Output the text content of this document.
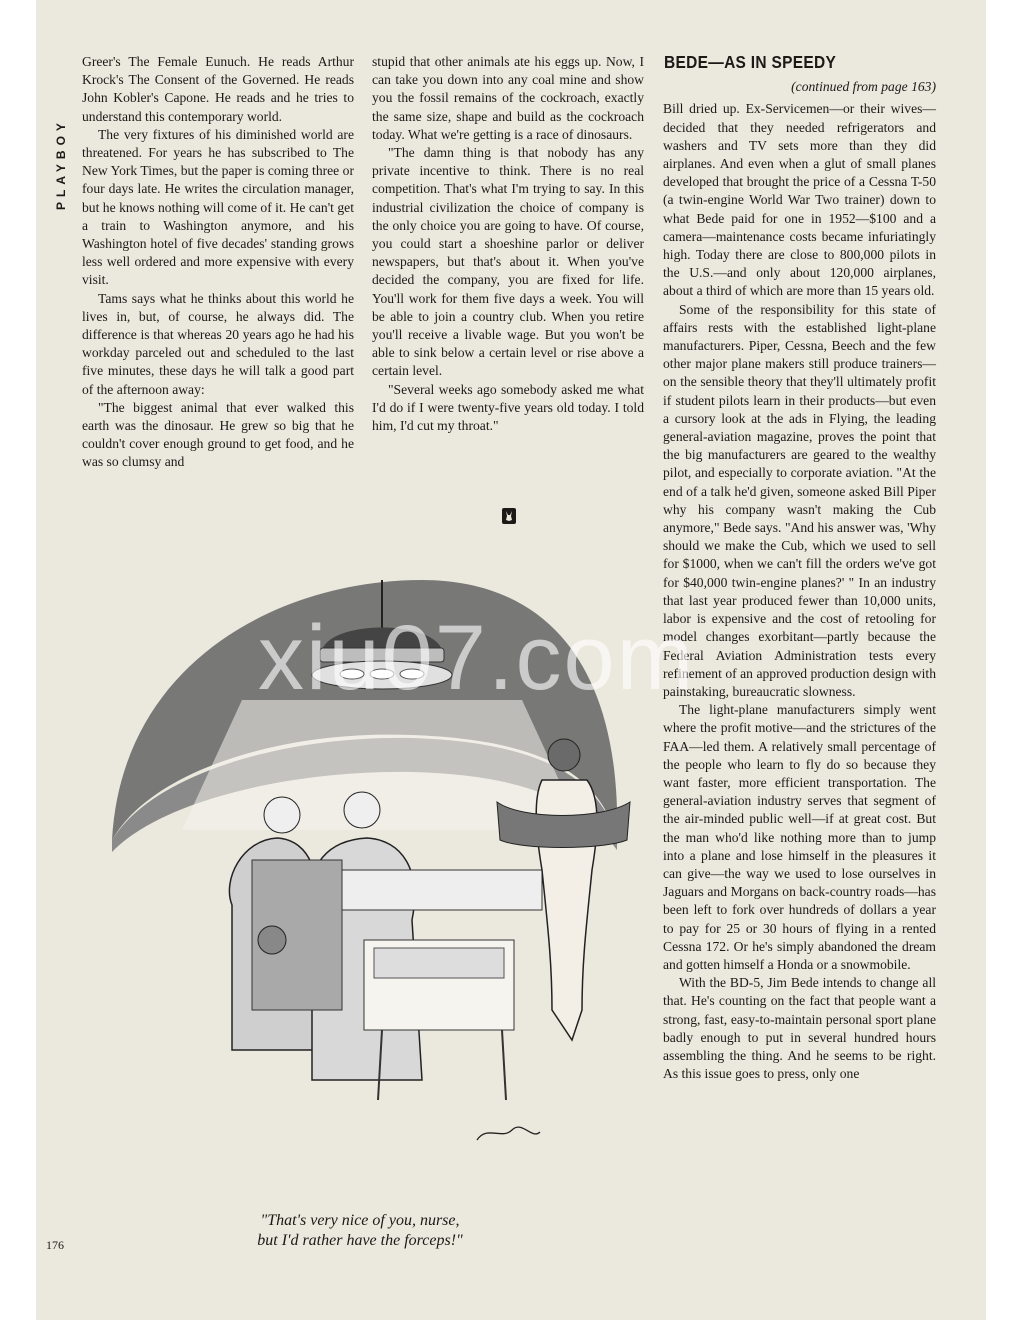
PLAYBOY

Greer's The Female Eunuch. He reads Arthur Krock's The Consent of the Governed. He reads John Kobler's Capone. He reads and he tries to understand this contemporary world.

The very fixtures of his diminished world are threatened. For years he has subscribed to The New York Times, but the paper is coming three or four days late. He writes the circulation manager, but he knows nothing will come of it. He can't get a train to Washington anymore, and his Washington hotel of five decades' standing grows less well ordered and more expensive with every visit.

Tams says what he thinks about this world he lives in, but, of course, he always did. The difference is that whereas 20 years ago he had his workday parceled out and scheduled to the last five minutes, these days he will talk a good part of the afternoon away:

"The biggest animal that ever walked this earth was the dinosaur. He grew so big that he couldn't cover enough ground to get food, and he was so clumsy and

stupid that other animals ate his eggs up. Now, I can take you down into any coal mine and show you the fossil remains of the cockroach, exactly the same size, shape and build as the cockroach today. What we're getting is a race of dinosaurs.

"The damn thing is that nobody has any private incentive to think. There is no real competition. That's what I'm trying to say. In this industrial civilization the choice of company is the only choice you are going to have. Of course, you could start a shoeshine parlor or deliver newspapers, but that's about it. When you've decided the company, you are fixed for life. You'll work for them five days a week. You will be able to join a country club. When you retire you'll receive a livable wage. But you won't be able to sink below a certain level or rise above a certain level.

"Several weeks ago somebody asked me what I'd do if I were twenty-five years old today. I told him, I'd cut my throat."

BEDE—AS IN SPEEDY
(continued from page 163)

Bill dried up. Ex-Servicemen—or their wives—decided that they needed refrigerators and washers and TV sets more than they did airplanes. And even when a glut of small planes developed that brought the price of a Cessna T-50 (a twin-engine World War Two trainer) down to what Bede paid for one in 1952—$100 and a camera—maintenance costs became infuriatingly high. Today there are close to 800,000 pilots in the U.S.—and only about 120,000 airplanes, about a third of which are more than 15 years old.

Some of the responsibility for this state of affairs rests with the established light-plane manufacturers. Piper, Cessna, Beech and the few other major plane makers still produce trainers—on the sensible theory that they'll ultimately profit if student pilots learn in their products—but even a cursory look at the ads in Flying, the leading general-aviation magazine, proves the point that the big manufacturers are geared to the wealthy pilot, and especially to corporate aviation. "At the end of a talk he'd given, someone asked Bill Piper why his company wasn't making the Cub anymore," Bede says. "And his answer was, 'Why should we make the Cub, which we used to sell for $1000, when we can't fill the orders we've got for $40,000 twin-engine planes?' " In an industry that last year produced fewer than 10,000 units, labor is expensive and the cost of retooling for model changes exorbitant—partly because the Federal Aviation Administration tests every refinement of an approved production design with painstaking, bureaucratic slowness.

The light-plane manufacturers simply went where the profit motive—and the strictures of the FAA—led them. A relatively small percentage of the people who learn to fly do so because they want faster, more efficient transportation. The general-aviation industry serves that segment of the air-minded public well—if at great cost. But the man who'd like nothing more than to jump into a plane and lose himself in the pleasures it can give—the way we used to lose ourselves in Jaguars and Morgans on back-country roads—has been left to fork over hundreds of dollars a year to pay for 25 or 30 hours of flying in a rented Cessna 172. Or he's simply abandoned the dream and gotten himself a Honda or a snowmobile.

With the BD-5, Jim Bede intends to change all that. He's counting on the fact that people want a strong, fast, easy-to-maintain personal sport plane badly enough to put in several hundred hours assembling the thing. And he seems to be right. As this issue goes to press, only one

"That's very nice of you, nurse,
but I'd rather have the forceps!"
xiu07.com
176
